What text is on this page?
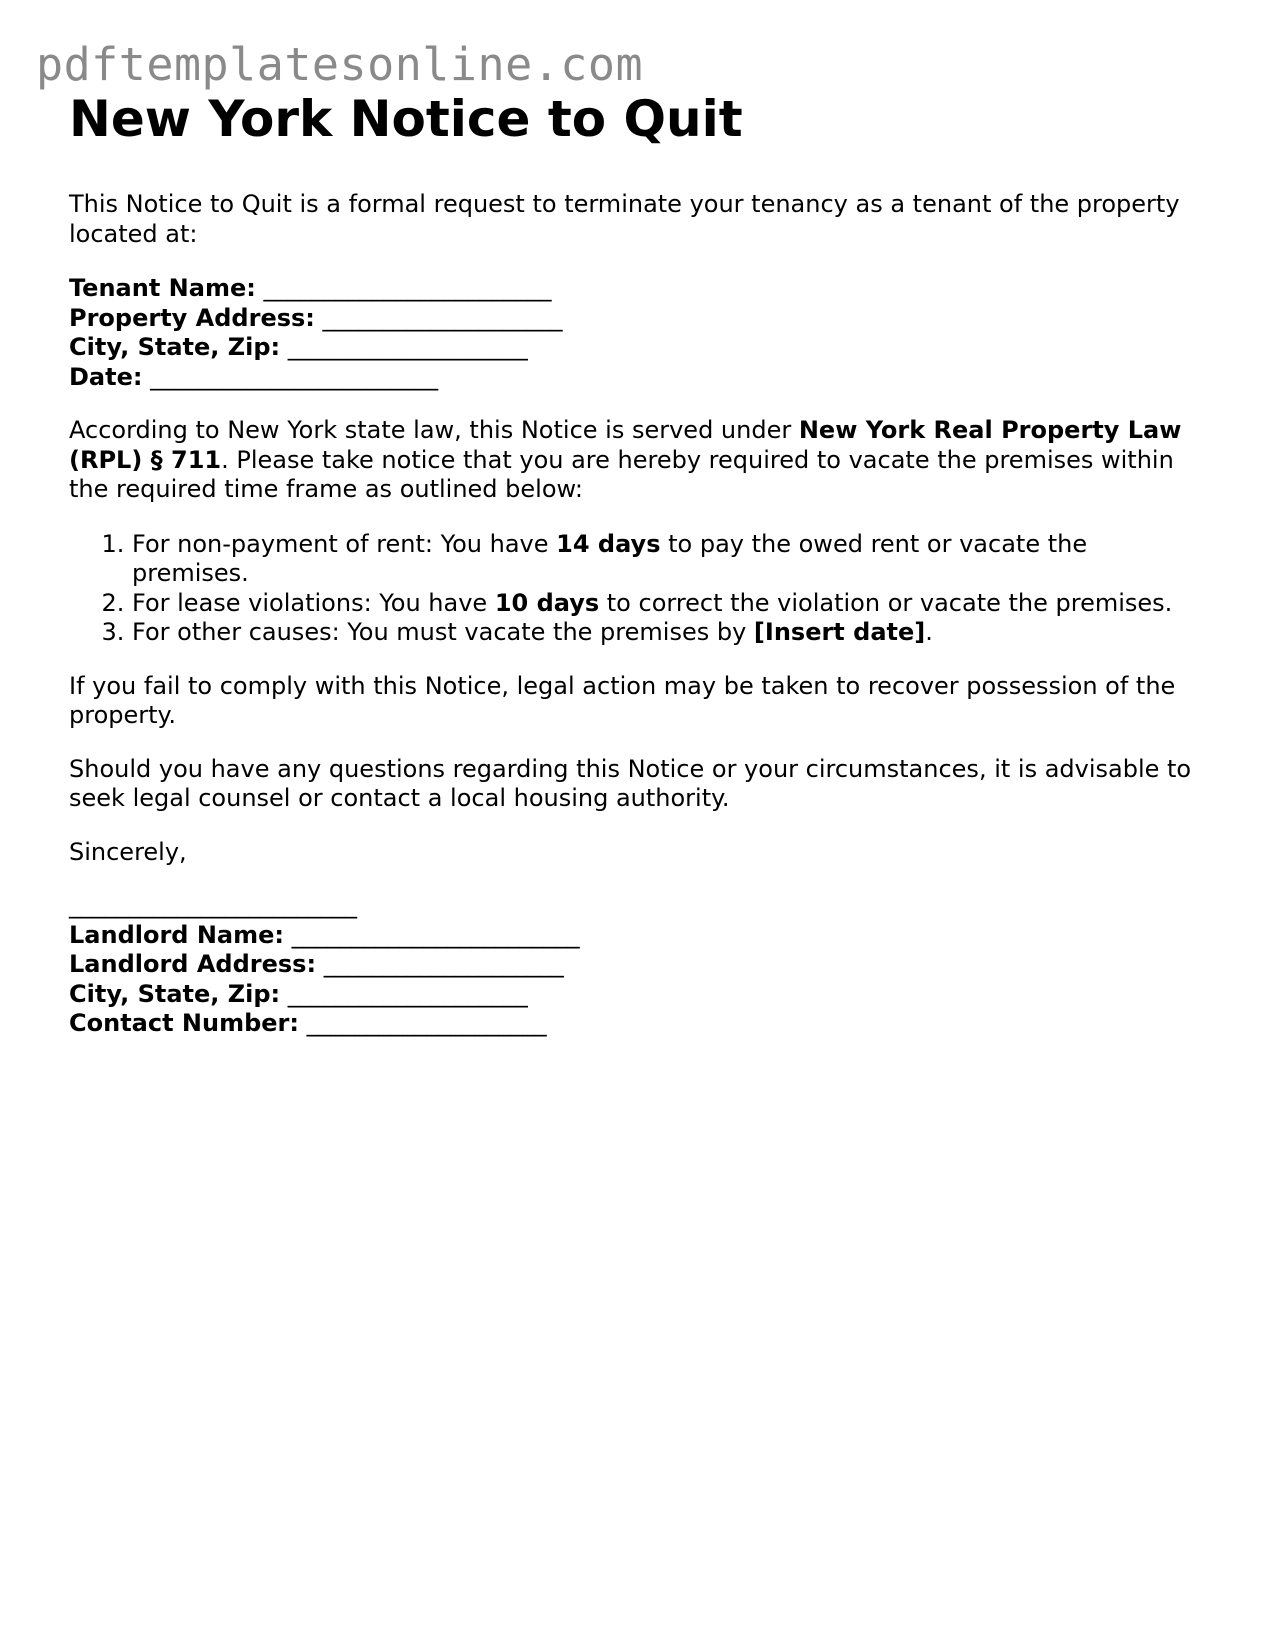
pdftemplatesonline.com
New York Notice to Quit

This Notice to Quit is a formal request to terminate your tenancy as a tenant of the property located at:

Tenant Name: ________________________
Property Address: ____________________
City, State, Zip: ____________________
Date: ________________________

According to New York state law, this Notice is served under New York Real Property Law (RPL) § 711. Please take notice that you are hereby required to vacate the premises within the required time frame as outlined below:

1. For non-payment of rent: You have 14 days to pay the owed rent or vacate the premises.
2. For lease violations: You have 10 days to correct the violation or vacate the premises.
3. For other causes: You must vacate the premises by [Insert date].

If you fail to comply with this Notice, legal action may be taken to recover possession of the property.

Should you have any questions regarding this Notice or your circumstances, it is advisable to seek legal counsel or contact a local housing authority.

Sincerely,

________________________
Landlord Name: ________________________
Landlord Address: ____________________
City, State, Zip: ____________________
Contact Number: ____________________
